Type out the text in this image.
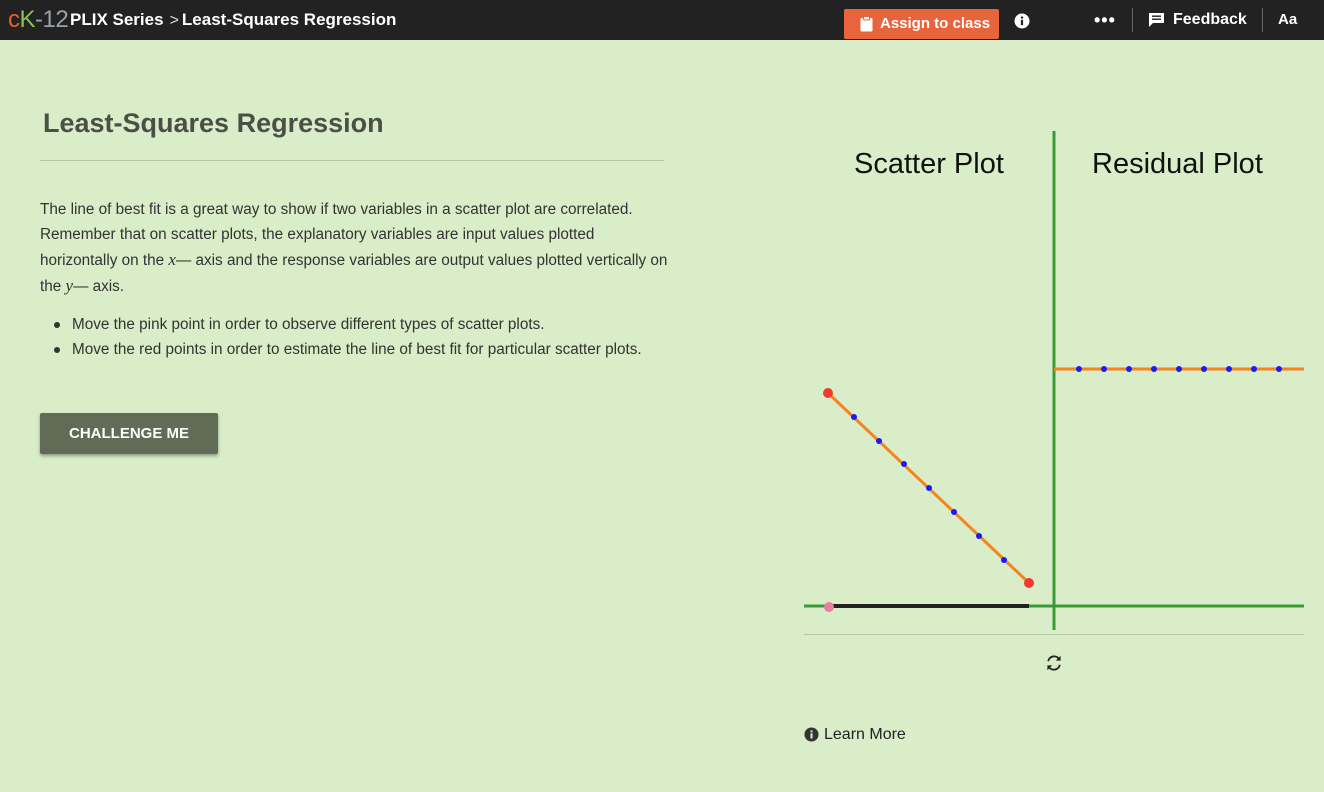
cK-12 PLIX Series > Least-Squares Regression	Assign to class	•••	Feedback Aa
Least-Squares Regression

The line of best fit is a great way to show if two variables in a scatter plot are correlated. Remember that on scatter plots, the explanatory variables are input values plotted horizontally on the x— axis and the response variables are output values plotted vertically on the y— axis.

Move the pink point in order to observe different types of scatter plots.
Move the red points in order to estimate the line of best fit for particular scatter plots.
CHALLENGE ME
Scatter Plot	Residual Plot
Learn More
